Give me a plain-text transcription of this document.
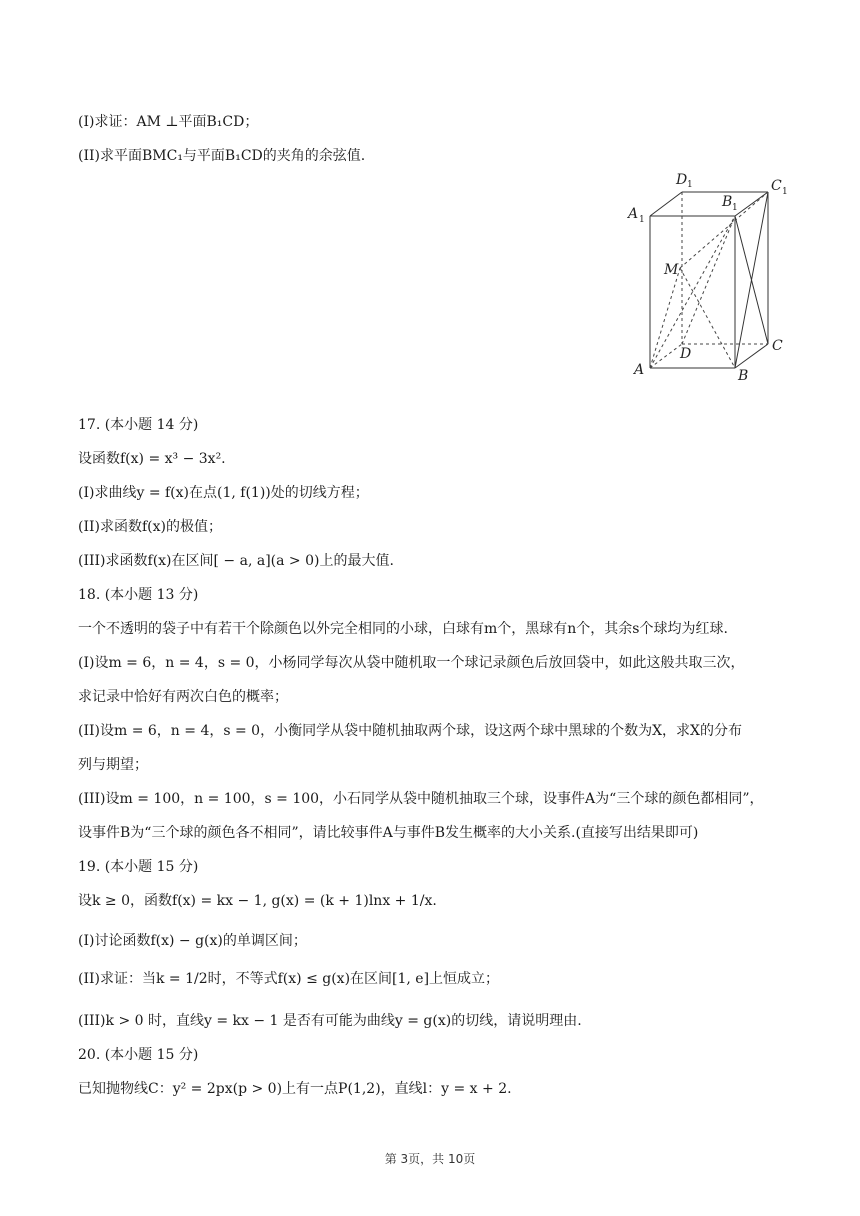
(I)求证：AM ⊥平面B₁CD；
(II)求平面BMC₁与平面B₁CD的夹角的余弦值.
D 1	C 1
A 1
B 1
M
D	C
A	B
17. (本小题 14 分)
设函数f(x) = x³ − 3x².
(I)求曲线y = f(x)在点(1, f(1))处的切线方程；
(II)求函数f(x)的极值；
(III)求函数f(x)在区间[ − a, a](a > 0)上的最大值.
18. (本小题 13 分)
一个不透明的袋子中有若干个除颜色以外完全相同的小球，白球有m个，黑球有n个，其余s个球均为红球.
(I)设m = 6，n = 4，s = 0，小杨同学每次从袋中随机取一个球记录颜色后放回袋中，如此这般共取三次，
求记录中恰好有两次白色的概率；
(II)设m = 6，n = 4，s = 0，小衡同学从袋中随机抽取两个球，设这两个球中黑球的个数为X，求X的分布
列与期望；
(III)设m = 100，n = 100，s = 100，小石同学从袋中随机抽取三个球，设事件A为“三个球的颜色都相同”，
设事件B为“三个球的颜色各不相同”，请比较事件A与事件B发生概率的大小关系.(直接写出结果即可)
19. (本小题 15 分)
设k ≥ 0，函数f(x) = kx − 1, g(x) = (k + 1)lnx + 1/x.
(I)讨论函数f(x) − g(x)的单调区间；
(II)求证：当k = 1/2时，不等式f(x) ≤ g(x)在区间[1, e]上恒成立；
(III)k > 0 时，直线y = kx − 1 是否有可能为曲线y = g(x)的切线，请说明理由.
20. (本小题 15 分)
已知抛物线C：y² = 2px(p > 0)上有一点P(1,2)，直线l：y = x + 2.
第 3页，共 10页
